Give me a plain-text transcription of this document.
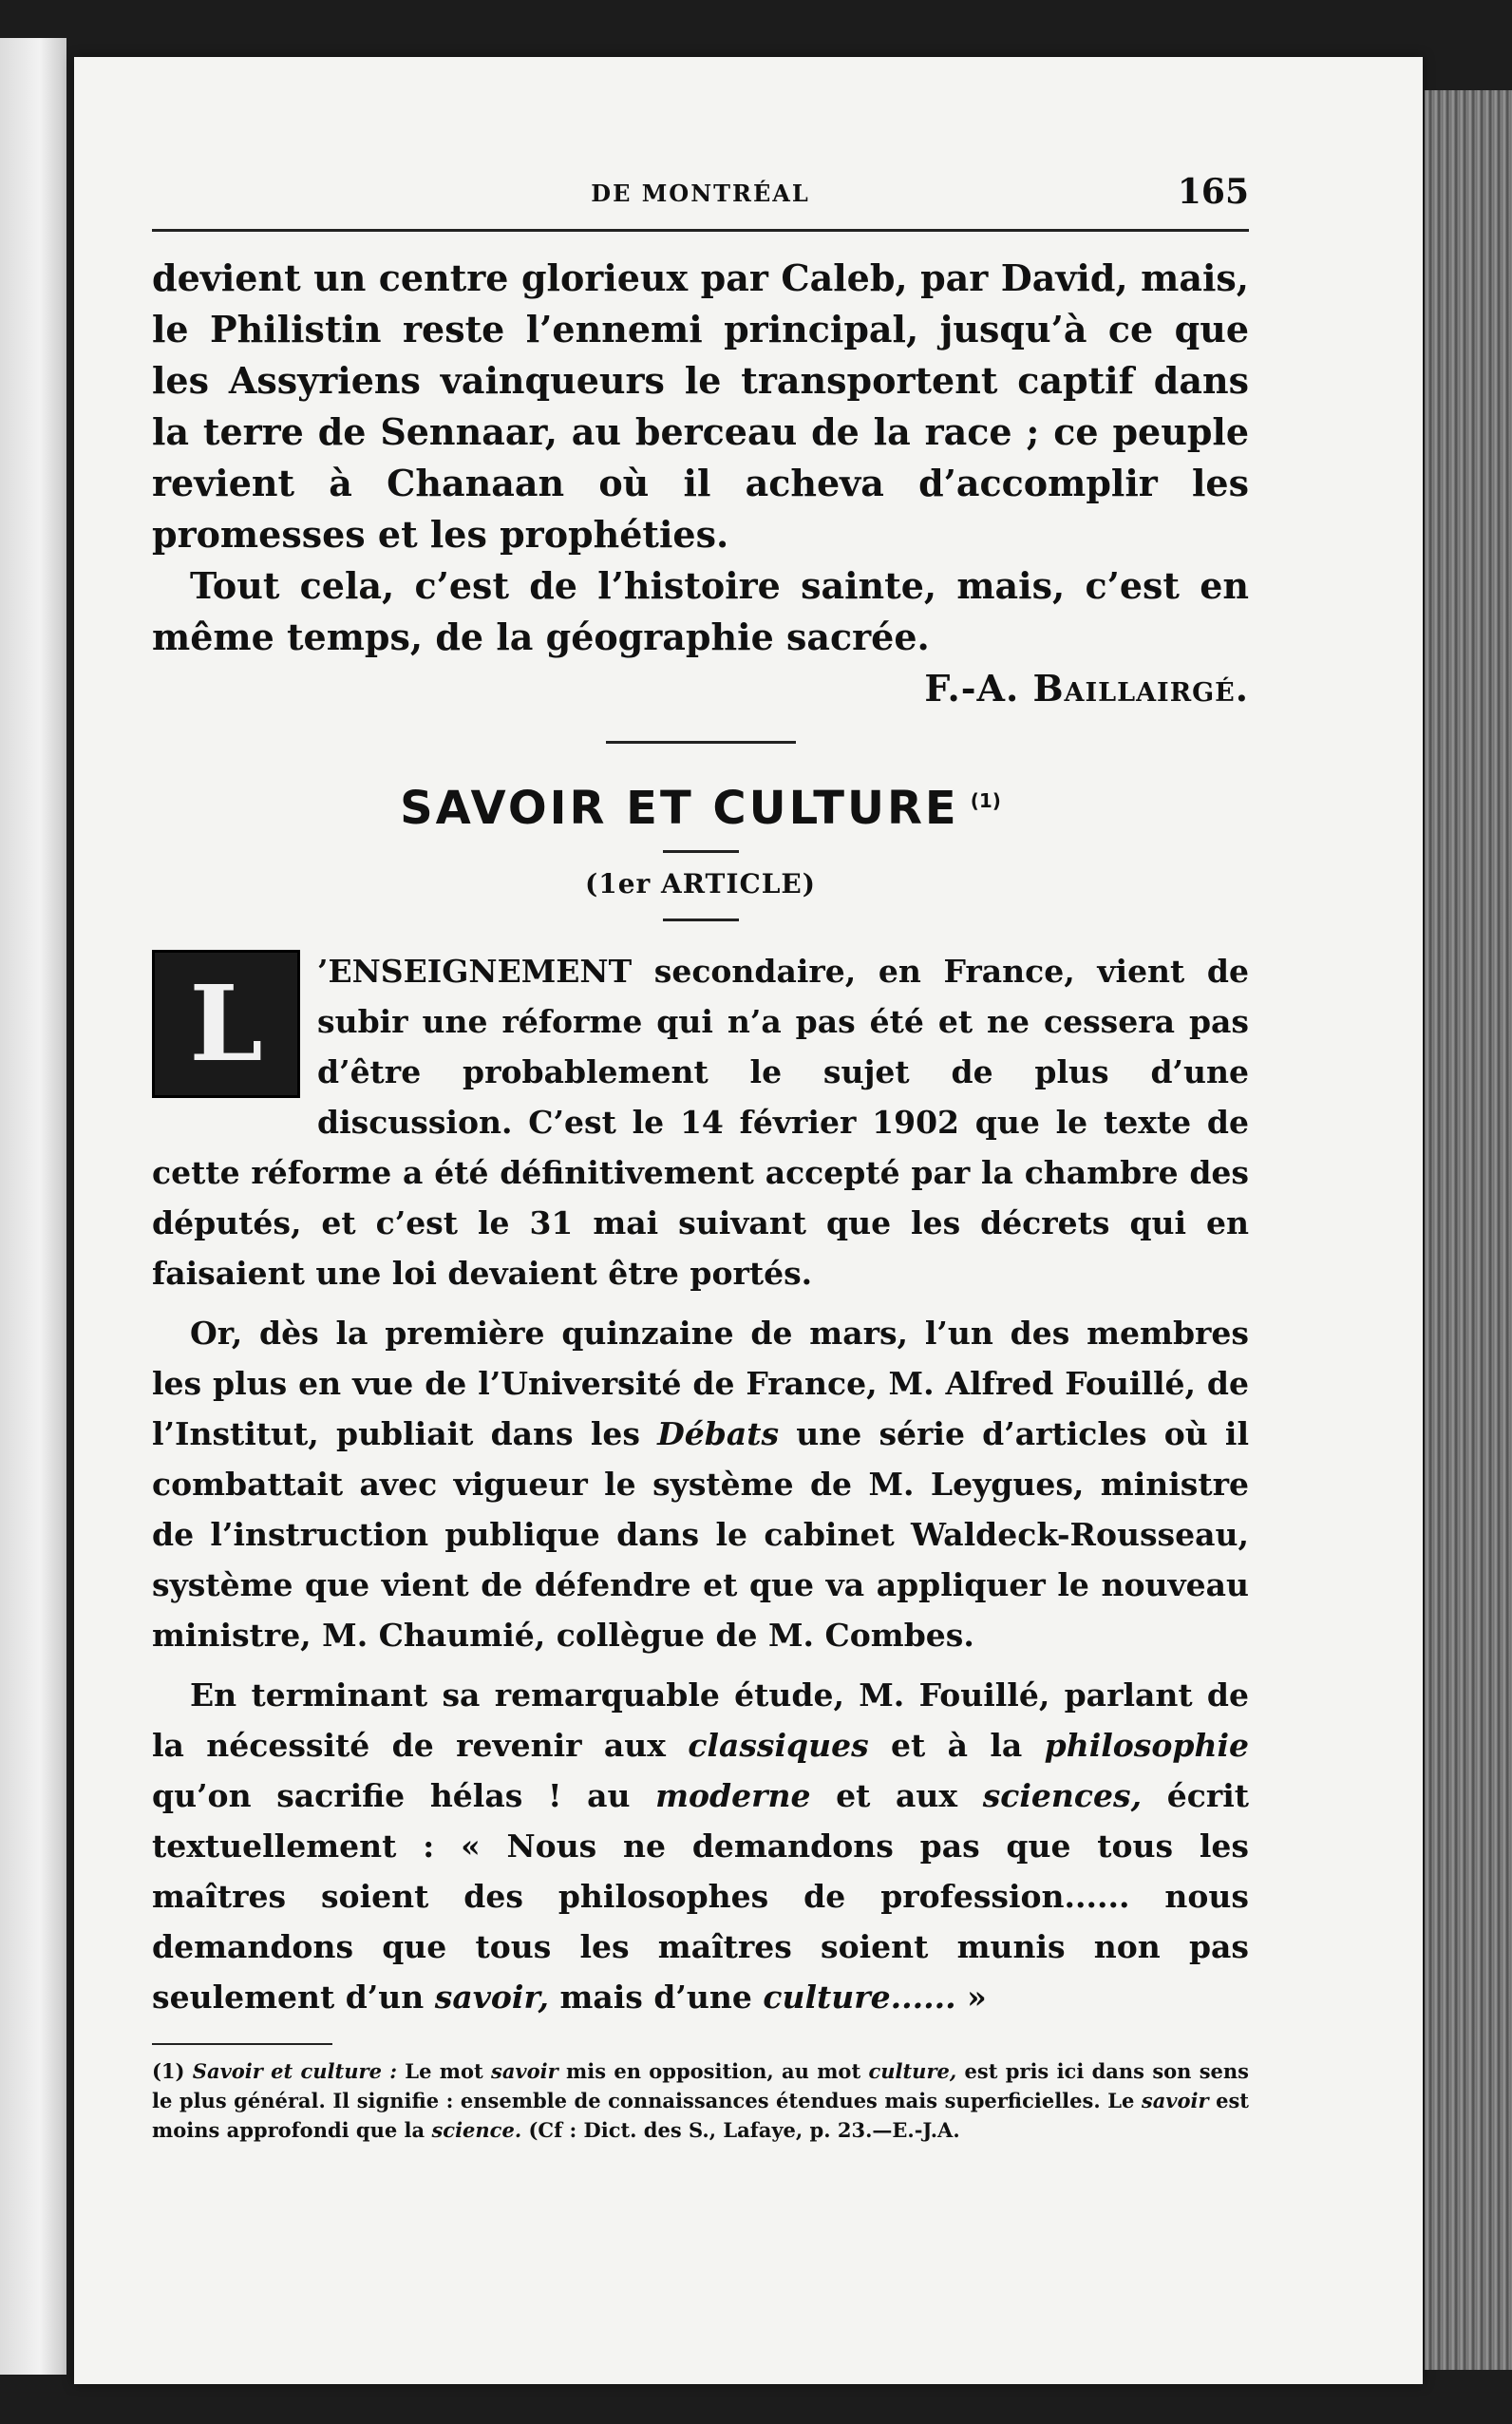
DE MONTRÉAL	165

devient un centre glorieux par Caleb, par David, mais, le Philistin reste l’ennemi principal, jusqu’à ce que les Assyriens vainqueurs le transportent captif dans la terre de Sennaar, au berceau de la race ; ce peuple revient à Chanaan où il acheva d’accomplir les promesses et les prophéties.

Tout cela, c’est de l’histoire sainte, mais, c’est en même temps, de la géographie sacrée.

F.-A. Baillairgé.
SAVOIR ET CULTURE $^{(1)}$
(1er ARTICLE)

L ’ENSEIGNEMENT secondaire, en France, vient de subir une réforme qui n’a pas été et ne cessera pas d’être probablement le sujet de plus d’une discussion. C’est le 14 février 1902 que le texte de cette réforme a été définitivement accepté par la chambre des députés, et c’est le 31 mai suivant que les décrets qui en faisaient une loi devaient être portés.

Or, dès la première quinzaine de mars, l’un des membres les plus en vue de l’Université de France, M. Alfred Fouillé, de l’Institut, publiait dans les Débats une série d’articles où il combattait avec vigueur le système de M. Leygues, ministre de l’instruction publique dans le cabinet Waldeck-Rousseau, système que vient de défendre et que va appliquer le nouveau ministre, M. Chaumié, collègue de M. Combes.

En terminant sa remarquable étude, M. Fouillé, parlant de la nécessité de revenir aux classiques et à la philosophie qu’on sacrifie hélas ! au moderne et aux sciences, écrit textuellement : « Nous ne demandons pas que tous les maîtres soient des philosophes de profession...... nous demandons que tous les maîtres soient munis non pas seulement d’un savoir, mais d’une culture...... »

(1) Savoir et culture : Le mot savoir mis en opposition, au mot culture, est pris ici dans son sens le plus général. Il signifie : ensemble de connaissances étendues mais superficielles. Le savoir est moins approfondi que la science. (Cf : Dict. des S., Lafaye, p. 23.—E.-J.A.
